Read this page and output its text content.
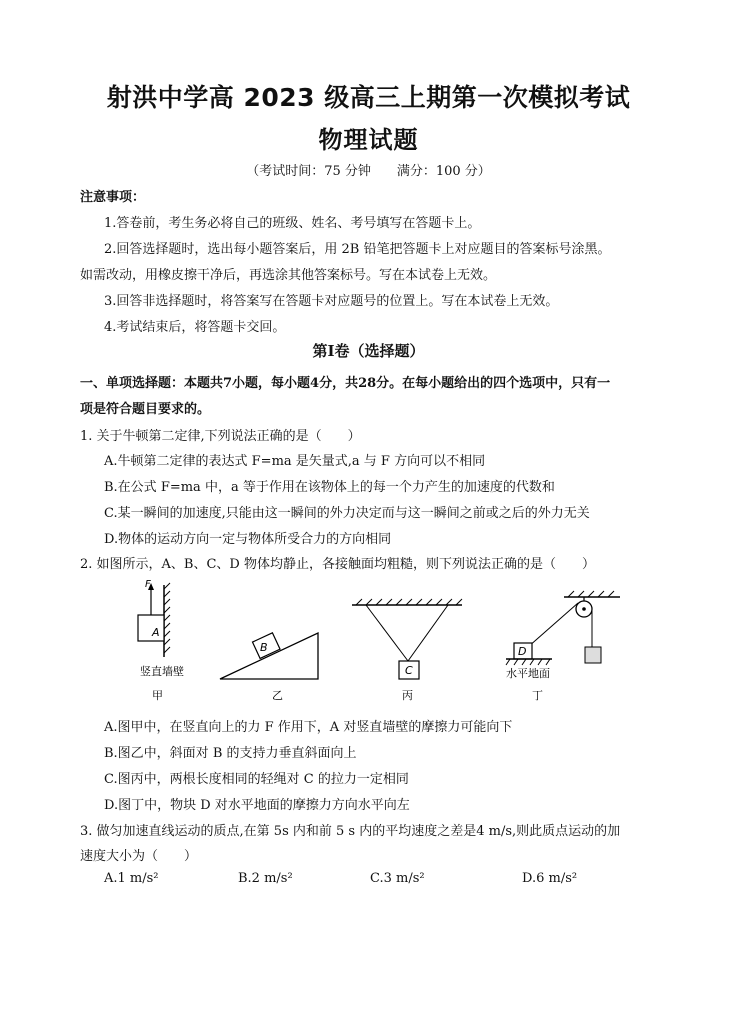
射洪中学高 2023 级高三上期第一次模拟考试
物理试题
（考试时间：75 分钟　　满分：100 分）
注意事项：
1.答卷前，考生务必将自己的班级、姓名、考号填写在答题卡上。
2.回答选择题时，选出每小题答案后，用 2B 铅笔把答题卡上对应题目的答案标号涂黑。
如需改动，用橡皮擦干净后，再选涂其他答案标号。写在本试卷上无效。
3.回答非选择题时，将答案写在答题卡对应题号的位置上。写在本试卷上无效。
4.考试结束后，将答题卡交回。
第I卷（选择题）
一、单项选择题：本题共7小题，每小题4分，共28分。在每小题给出的四个选项中，只有一
项是符合题目要求的。
1. 关于牛顿第二定律,下列说法正确的是（　　）
A.牛顿第二定律的表达式 F=ma 是矢量式,a 与 F 方向可以不相同
B.在公式 F=ma 中，a 等于作用在该物体上的每一个力产生的加速度的代数和
C.某一瞬间的加速度,只能由这一瞬间的外力决定而与这一瞬间之前或之后的外力无关
D.物体的运动方向一定与物体所受合力的方向相同
2. 如图所示，A、B、C、D 物体均静止，各接触面均粗糙，则下列说法正确的是（　　）
F
A
竖直墙壁
甲
B
乙
C
丙
D
水平地面
丁
A.图甲中，在竖直向上的力 F 作用下，A 对竖直墙壁的摩擦力可能向下
B.图乙中，斜面对 B 的支持力垂直斜面向上
C.图丙中，两根长度相同的轻绳对 C 的拉力一定相同
D.图丁中，物块 D 对水平地面的摩擦力方向水平向左
3. 做匀加速直线运动的质点,在第 5s 内和前 5 s 内的平均速度之差是4 m/s,则此质点运动的加
速度大小为（　　）
A.1 m/s²	B.2 m/s²	C.3 m/s²	D.6 m/s²
